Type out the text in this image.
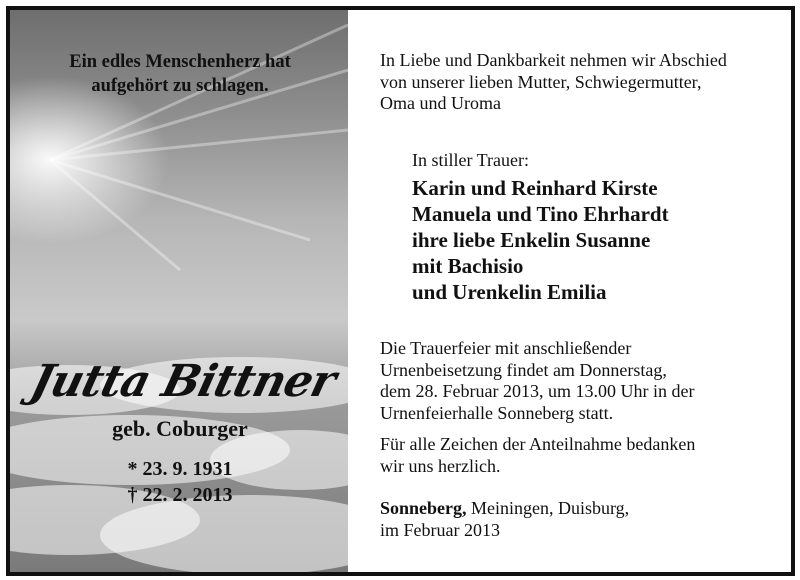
Ein edles Menschenherz hat
aufgehört zu schlagen.
Jutta Bittner
geb. Coburger
* 23. 9. 1931
† 22. 2. 2013
In Liebe und Dankbarkeit nehmen wir Abschied
von unserer lieben Mutter, Schwiegermutter,
Oma und Uroma
In stiller Trauer:
Karin und Reinhard Kirste
Manuela und Tino Ehrhardt
ihre liebe Enkelin Susanne
mit Bachisio
und Urenkelin Emilia
Die Trauerfeier mit anschließender
Urnenbeisetzung findet am Donnerstag,
dem 28. Februar 2013, um 13.00 Uhr in der
Urnenfeierhalle Sonneberg statt.
Für alle Zeichen der Anteilnahme bedanken
wir uns herzlich.
Sonneberg, Meiningen, Duisburg,
im Februar 2013
